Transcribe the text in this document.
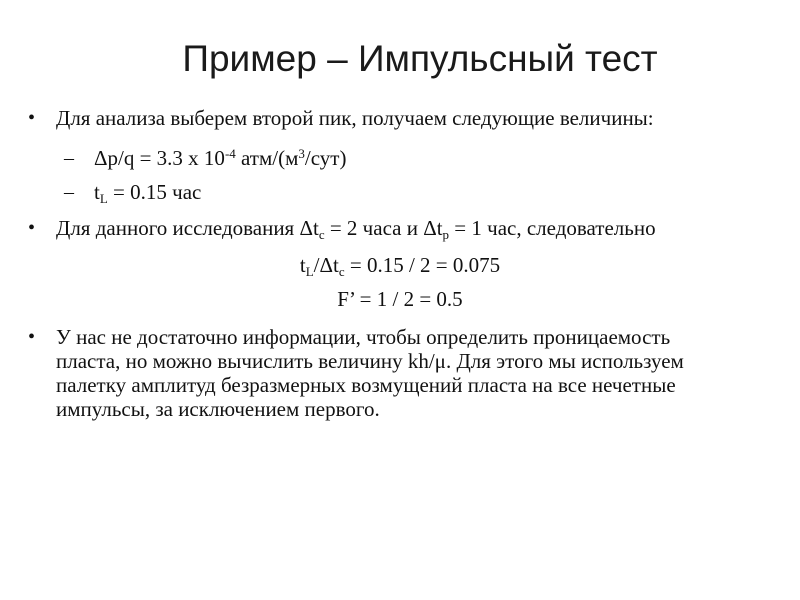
Пример – Импульсный тест
• Для анализа выберем второй пик, получаем следующие величины:
– Δp/q = 3.3 x $10^{-4}$ атм/$(м^3/сут)$
– $t_L = 0.15$ час
• Для данного исследования $\Delta t_c = 2$ часа и $\Delta t_p = 1$ час, следовательно
$t_L/\Delta t_c = 0.15 / 2 = 0.075$
F’ = 1 / 2 = 0.5
• У нас не достаточно информации, чтобы определить проницаемость
пласта, но можно вычислить величину kh/μ. Для этого мы используем
палетку амплитуд безразмерных возмущений пласта на все нечетные
импульсы, за исключением первого.
